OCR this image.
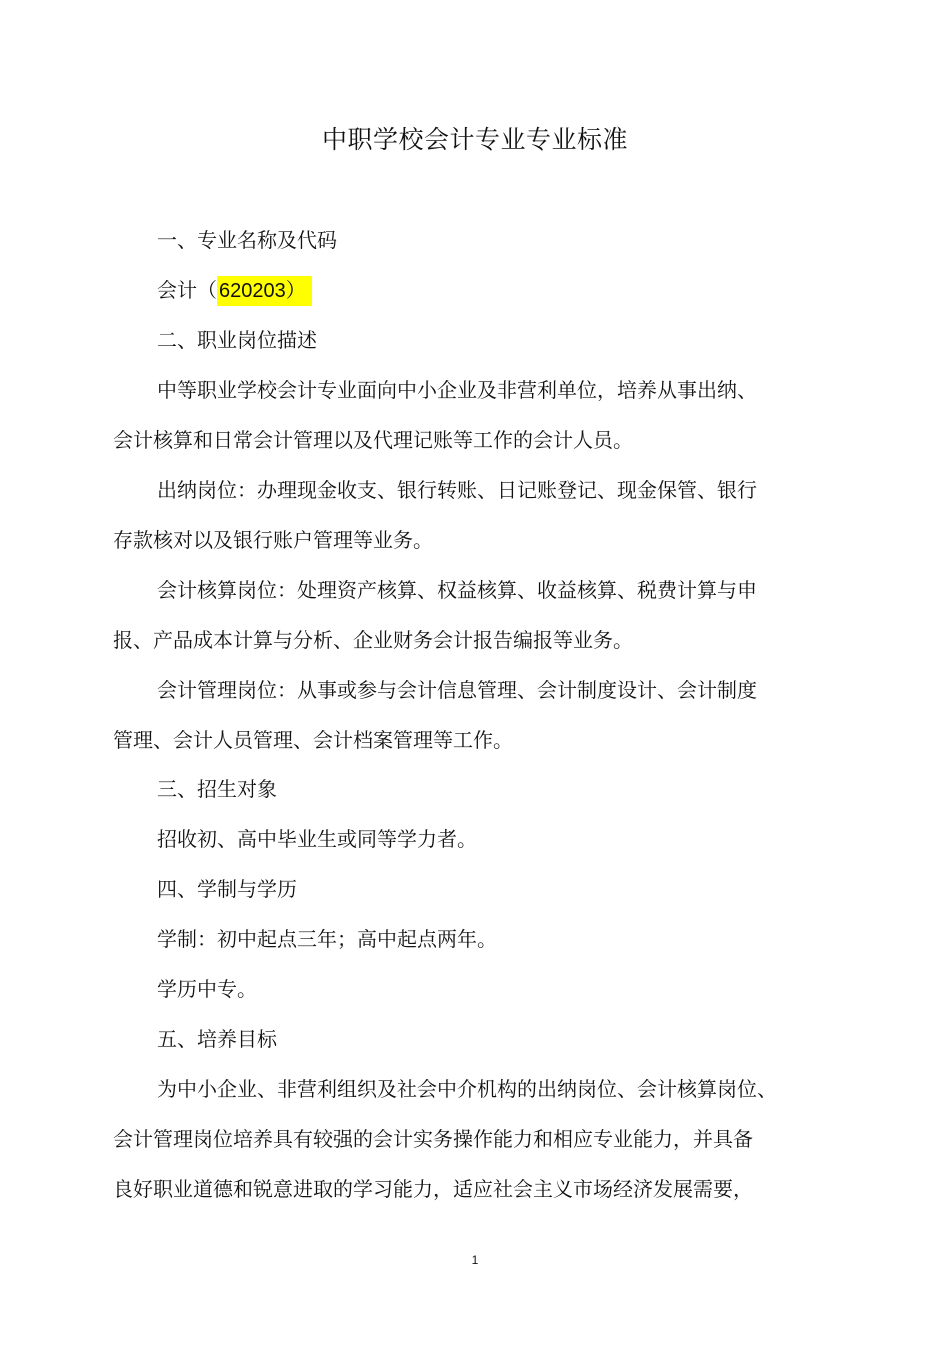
中职学校会计专业专业标准

一、专业名称及代码

会计（ 620203）

二、职业岗位描述

中等职业学校会计专业面向中小企业及非营利单位，培养从事出纳、

会计核算和日常会计管理以及代理记账等工作的会计人员。

出纳岗位：办理现金收支、银行转账、日记账登记、现金保管、银行

存款核对以及银行账户管理等业务。

会计核算岗位：处理资产核算、权益核算、收益核算、税费计算与申

报、产品成本计算与分析、企业财务会计报告编报等业务。

会计管理岗位：从事或参与会计信息管理、会计制度设计、会计制度

管理、会计人员管理、会计档案管理等工作。

三、招生对象

招收初、高中毕业生或同等学力者。

四、学制与学历

学制：初中起点三年；高中起点两年。

学历中专。

五、培养目标

为中小企业、非营利组织及社会中介机构的出纳岗位、会计核算岗位、

会计管理岗位培养具有较强的会计实务操作能力和相应专业能力，并具备

良好职业道德和锐意进取的学习能力，适应社会主义市场经济发展需要，

1
